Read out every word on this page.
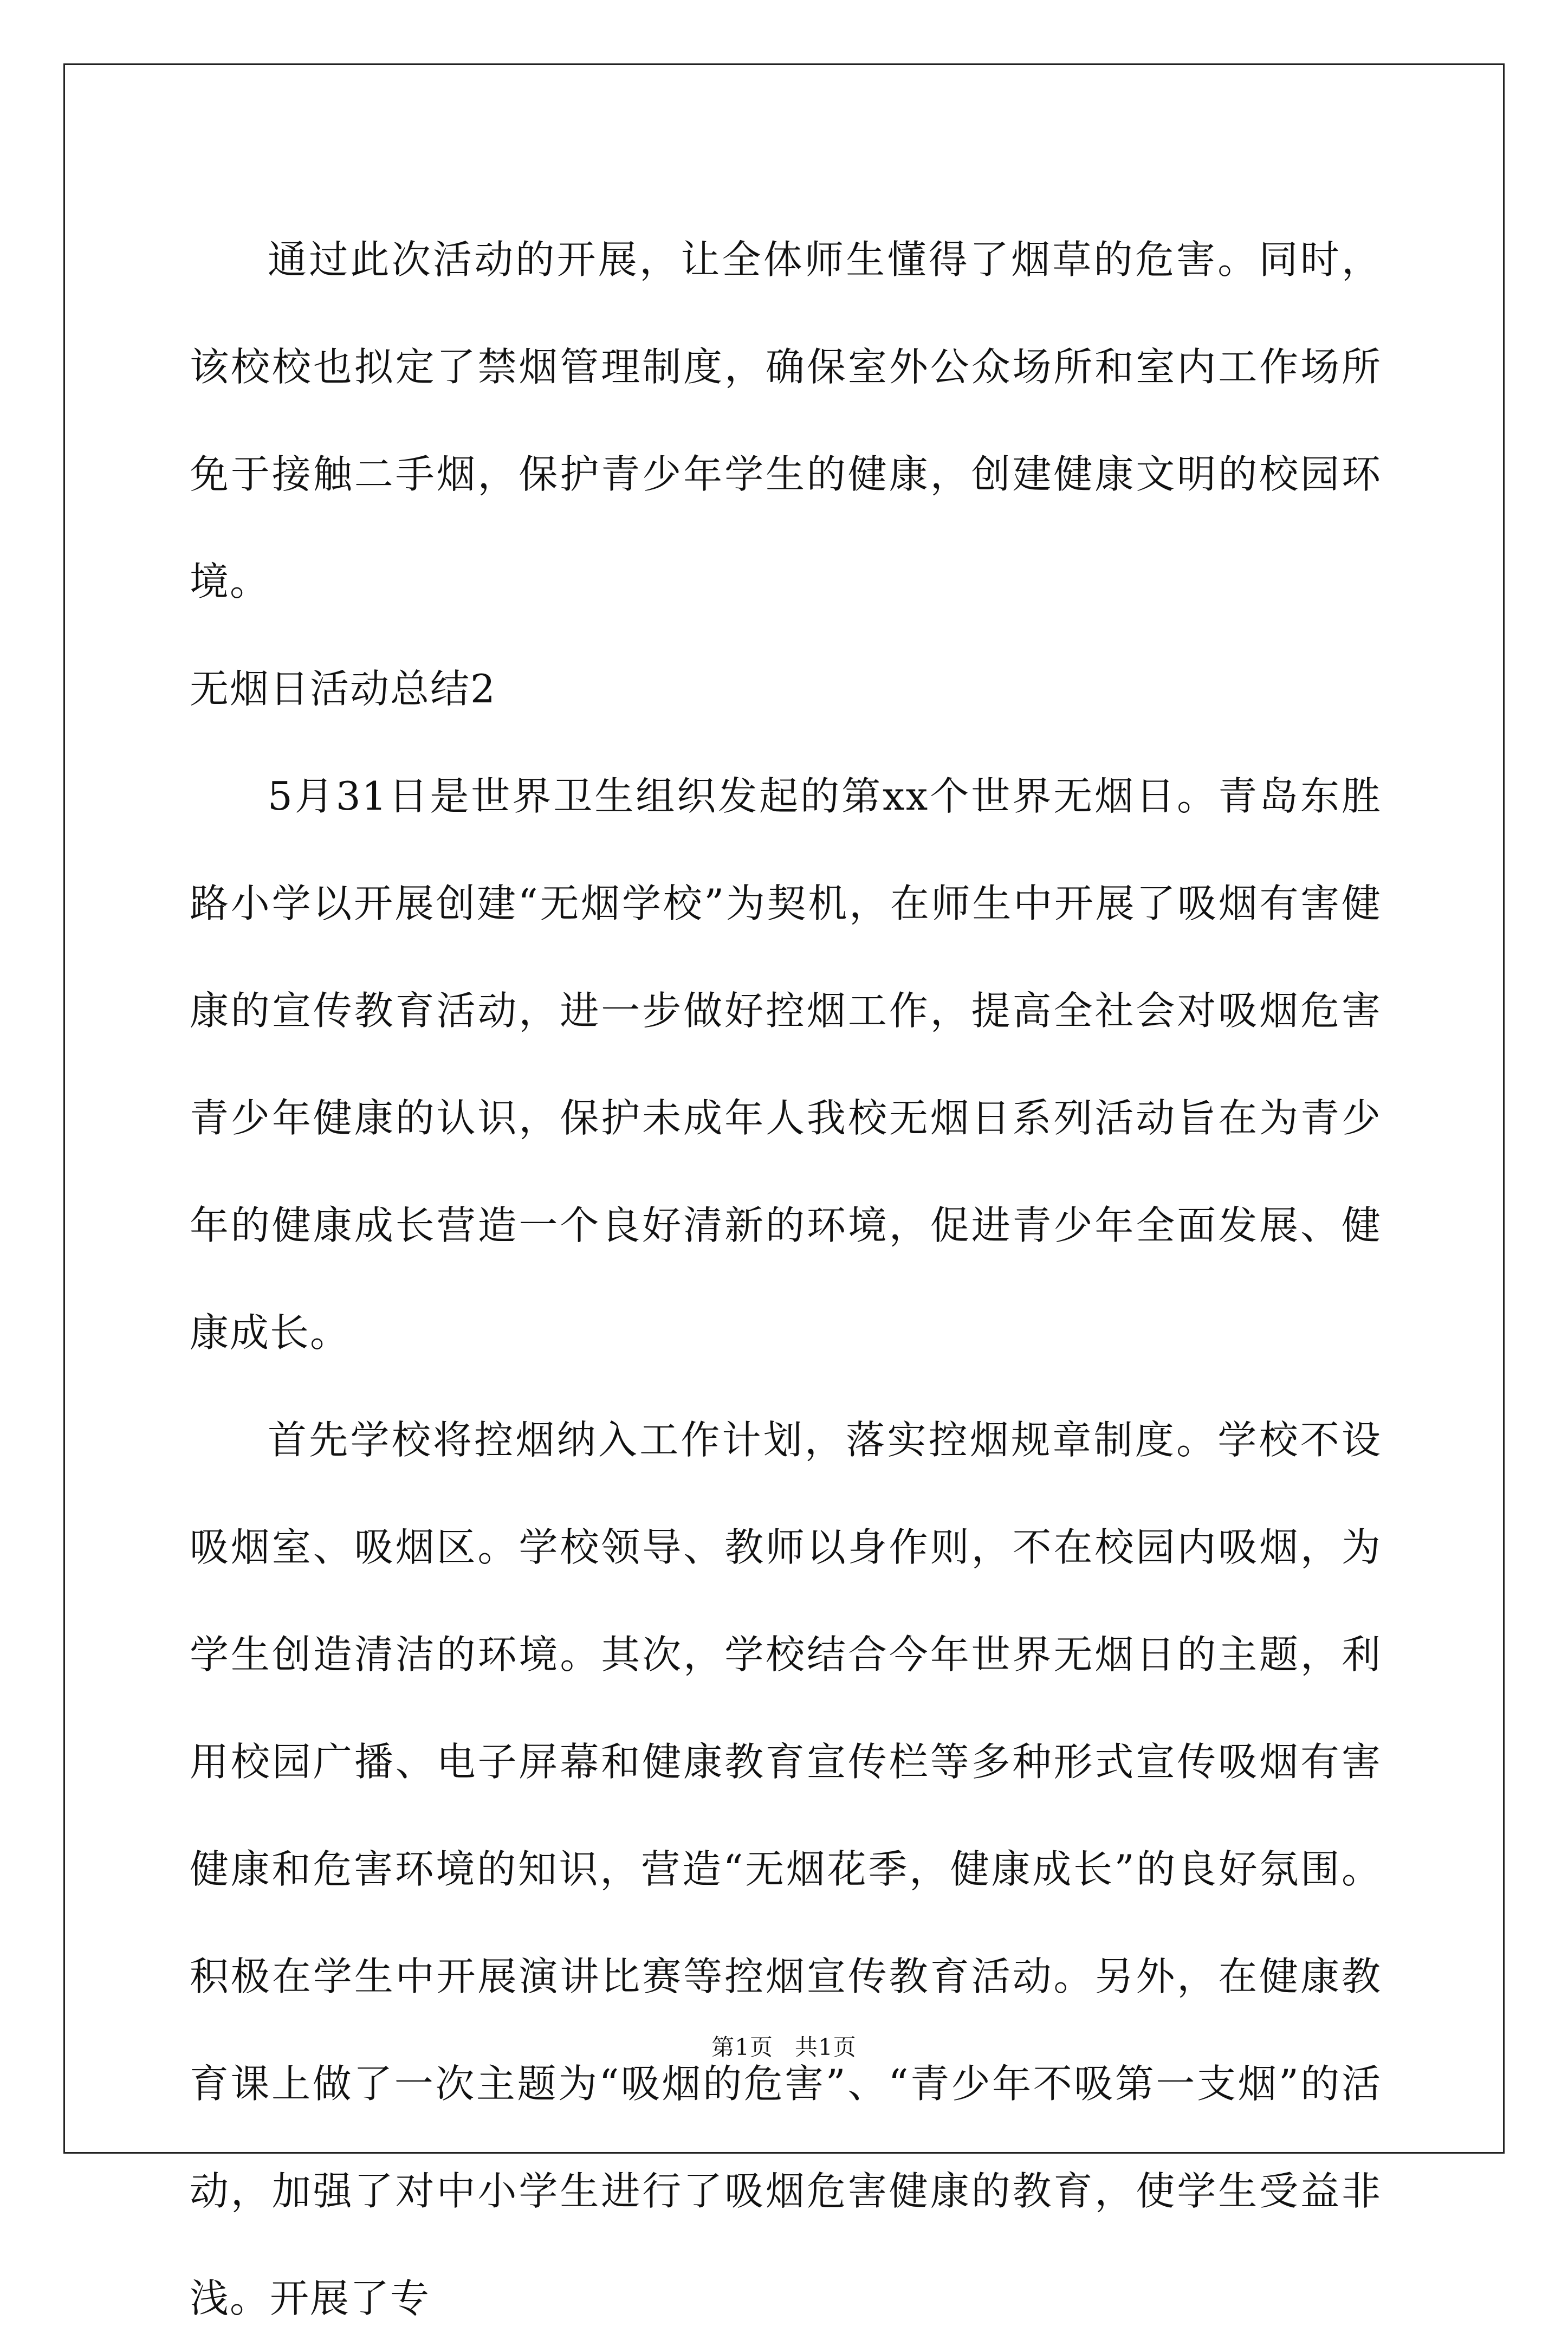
通过此次活动的开展，让全体师生懂得了烟草的危害。同时，该校校也拟定了禁烟管理制度，确保室外公众场所和室内工作场所免于接触二手烟，保护青少年学生的健康，创建健康文明的校园环境。

无烟日活动总结2

5月31日是世界卫生组织发起的第xx个世界无烟日。青岛东胜路小学以开展创建“无烟学校”为契机，在师生中开展了吸烟有害健康的宣传教育活动，进一步做好控烟工作，提高全社会对吸烟危害青少年健康的认识，保护未成年人我校无烟日系列活动旨在为青少年的健康成长营造一个良好清新的环境，促进青少年全面发展、健康成长。

首先学校将控烟纳入工作计划，落实控烟规章制度。学校不设吸烟室、吸烟区。学校领导、教师以身作则，不在校园内吸烟，为学生创造清洁的环境。其次，学校结合今年世界无烟日的主题，利用校园广播、电子屏幕和健康教育宣传栏等多种形式宣传吸烟有害健康和危害环境的知识，营造“无烟花季，健康成长”的良好氛围。积极在学生中开展演讲比赛等控烟宣传教育活动。另外，在健康教育课上做了一次主题为“吸烟的危害”、“青少年不吸第一支烟”的活动，加强了对中小学生进行了吸烟危害健康的教育，使学生受益非浅。开展了专

第1页 共1页
